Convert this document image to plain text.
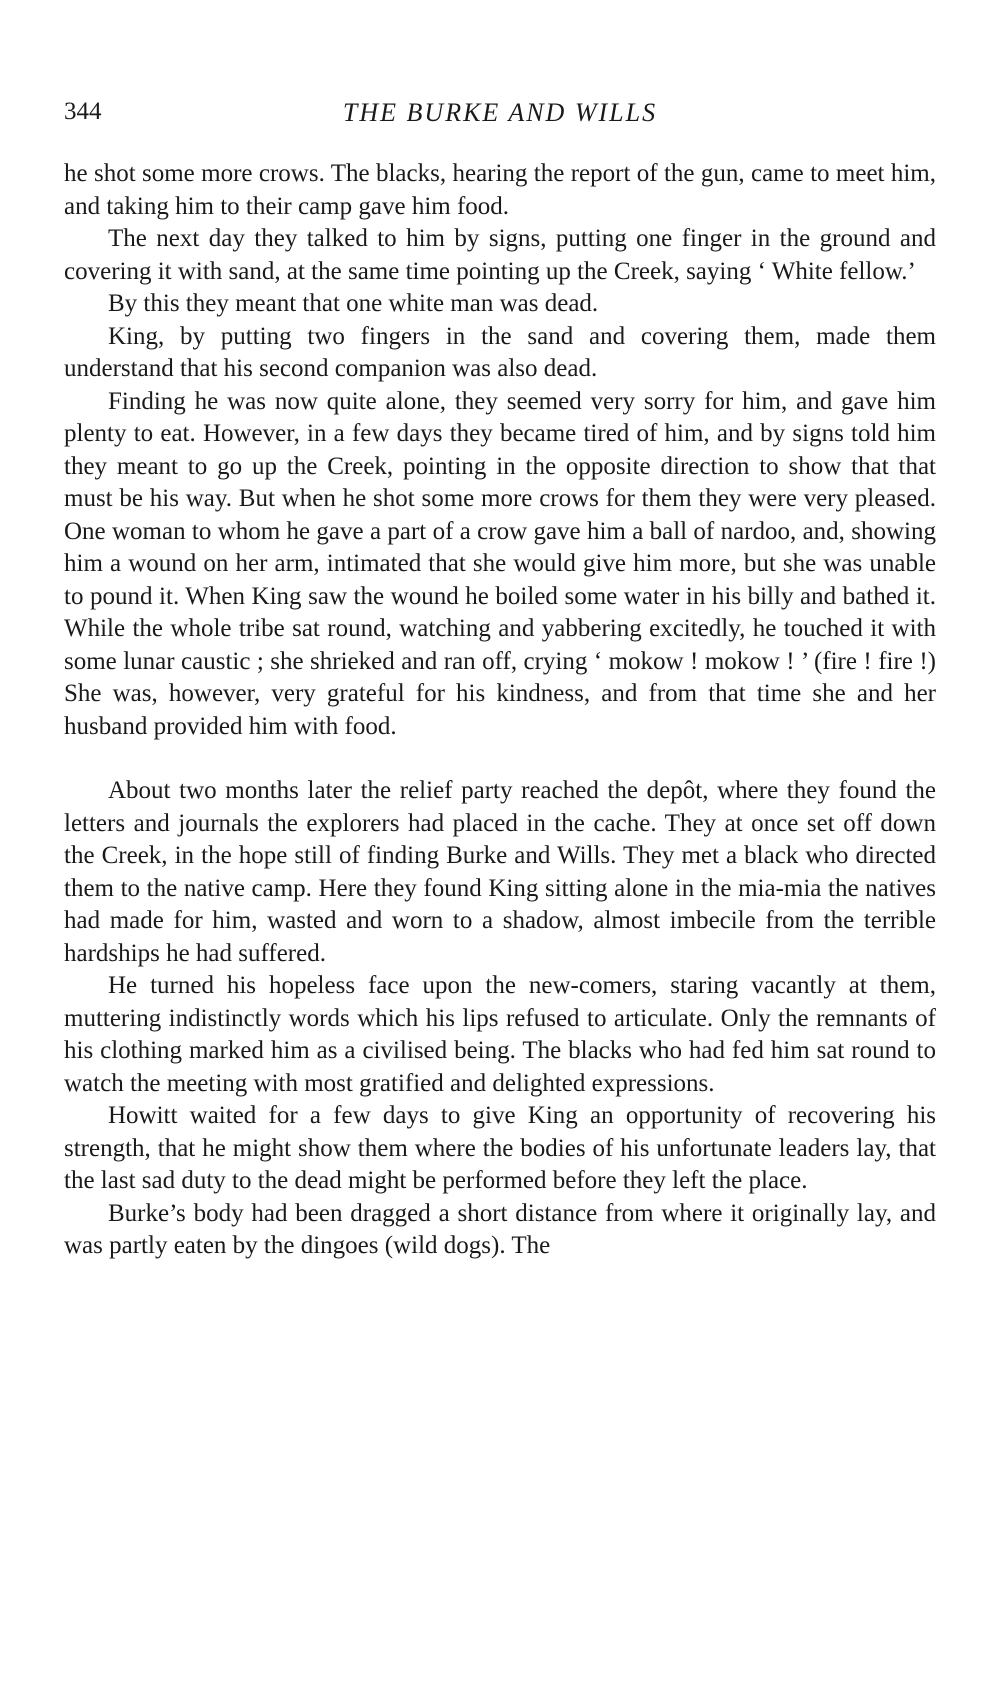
344	THE BURKE AND WILLS

he shot some more crows. The blacks, hearing the report of the gun, came to meet him, and taking him to their camp gave him food.

The next day they talked to him by signs, putting one finger in the ground and covering it with sand, at the same time pointing up the Creek, saying ‘ White fellow.’

By this they meant that one white man was dead.

King, by putting two fingers in the sand and covering them, made them understand that his second companion was also dead.

Finding he was now quite alone, they seemed very sorry for him, and gave him plenty to eat. However, in a few days they became tired of him, and by signs told him they meant to go up the Creek, pointing in the opposite direction to show that that must be his way. But when he shot some more crows for them they were very pleased. One woman to whom he gave a part of a crow gave him a ball of nardoo, and, showing him a wound on her arm, intimated that she would give him more, but she was unable to pound it. When King saw the wound he boiled some water in his billy and bathed it. While the whole tribe sat round, watching and yabbering excitedly, he touched it with some lunar caustic ; she shrieked and ran off, crying ‘ mokow ! mokow ! ’ (fire ! fire !) She was, however, very grateful for his kindness, and from that time she and her husband provided him with food.

About two months later the relief party reached the depôt, where they found the letters and journals the explorers had placed in the cache. They at once set off down the Creek, in the hope still of finding Burke and Wills. They met a black who directed them to the native camp. Here they found King sitting alone in the mia-mia the natives had made for him, wasted and worn to a shadow, almost imbecile from the terrible hardships he had suffered.

He turned his hopeless face upon the new-comers, staring vacantly at them, muttering indistinctly words which his lips refused to articulate. Only the remnants of his clothing marked him as a civilised being. The blacks who had fed him sat round to watch the meeting with most gratified and delighted expressions.

Howitt waited for a few days to give King an opportunity of recovering his strength, that he might show them where the bodies of his unfortunate leaders lay, that the last sad duty to the dead might be performed before they left the place.

Burke’s body had been dragged a short distance from where it originally lay, and was partly eaten by the dingoes (wild dogs). The
